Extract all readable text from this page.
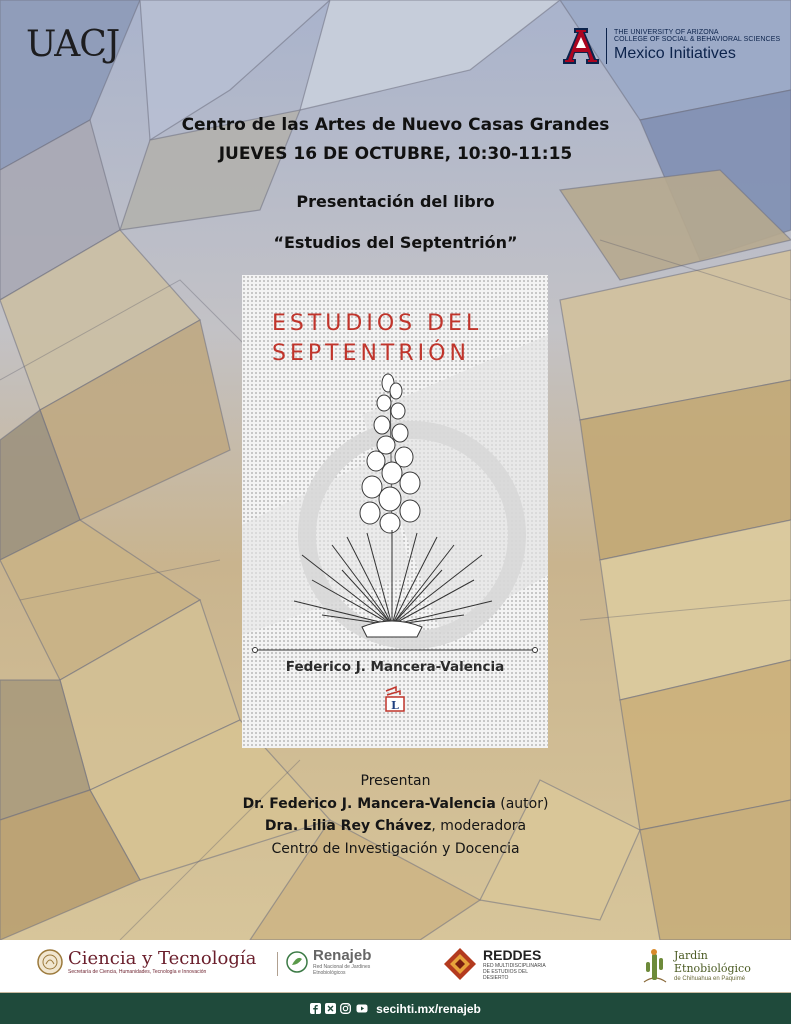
UACJ	THE UNIVERSITY OF ARIZONA
COLLEGE OF SOCIAL & BEHAVIORAL SCIENCES
Mexico Initiatives
Centro de las Artes de Nuevo Casas Grandes
JUEVES 16 DE OCTUBRE, 10:30-11:15
Presentación del libro
“Estudios del Septentrión”
ESTUDIOS DEL
SEPTENTRIÓN
Federico J. Mancera-Valencia
L
Presentan
Dr. Federico J. Mancera-Valencia (autor)
Dra. Lilia Rey Chávez, moderadora
Centro de Investigación y Docencia
Ciencia y Tecnología
Secretaría de Ciencia, Humanidades, Tecnología e Innovación
Renajeb
Red Nacional de Jardines
Etnobiológicos
REDDES
RED MULTIDISCIPLINARIA
DE ESTUDIOS DEL
DESIERTO
Jardín
Etnobiológico
de Chihuahua en Paquimé
secihti.mx/renajeb
